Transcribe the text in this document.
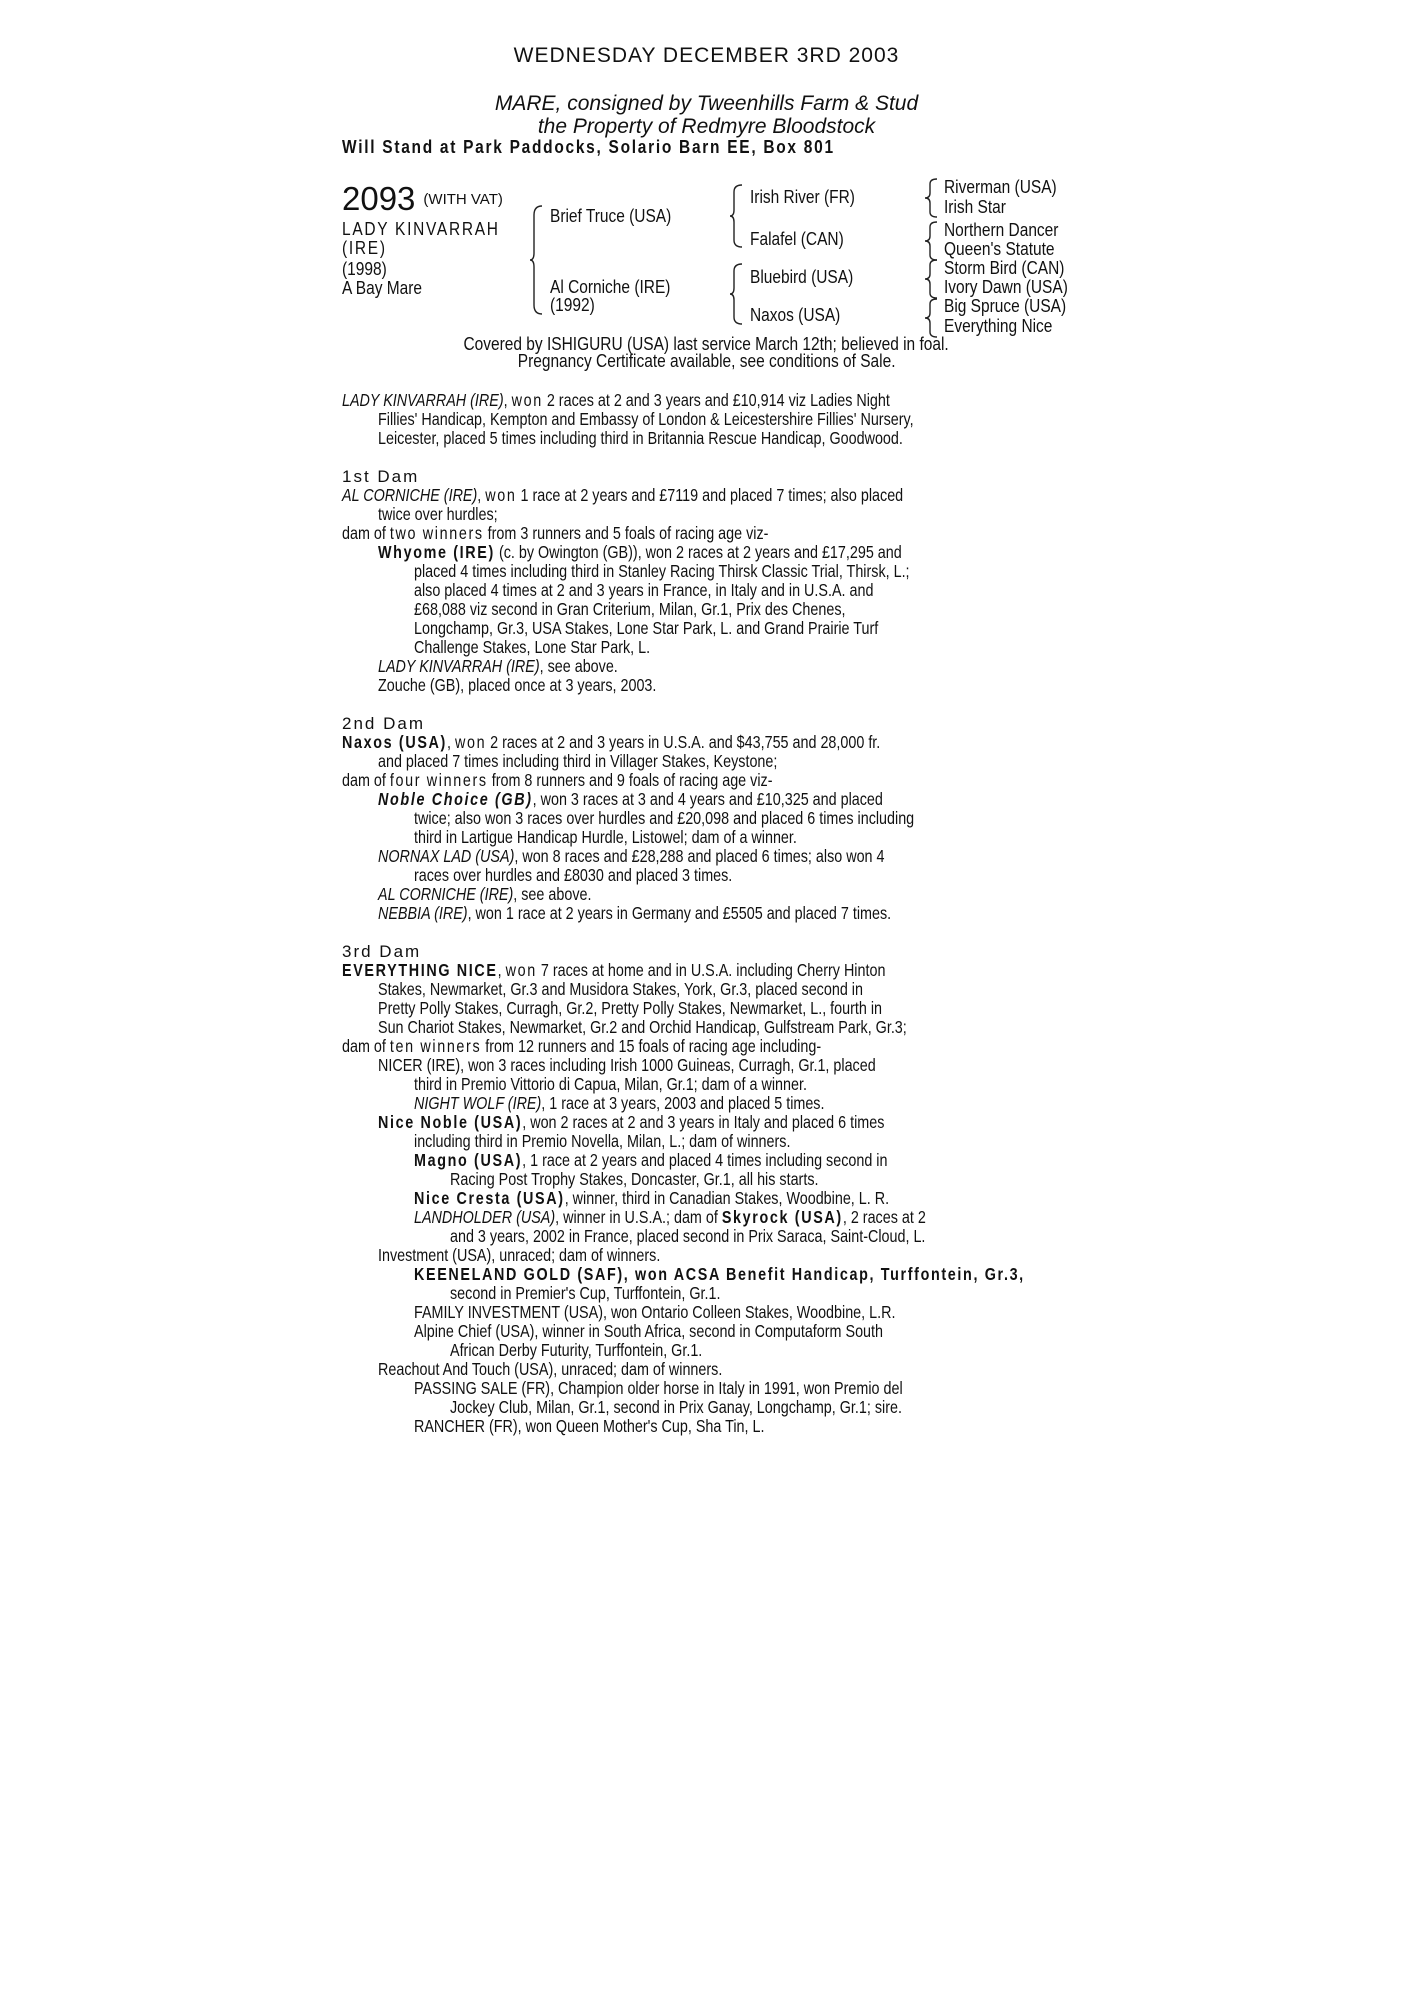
WEDNESDAY DECEMBER 3RD 2003
MARE, consigned by Tweenhills Farm & Stud
the Property of Redmyre Bloodstock
Will Stand at Park Paddocks, Solario Barn EE, Box 801
2093 (WITH VAT)
LADY KINVARRAH
(IRE)
(1998)
A Bay Mare
Brief Truce (USA)
Al Corniche (IRE)
(1992)
Irish River (FR)
Falafel (CAN)
Bluebird (USA)
Naxos (USA)
Riverman (USA)
Irish Star
Northern Dancer
Queen's Statute
Storm Bird (CAN)
Ivory Dawn (USA)
Big Spruce (USA)
Everything Nice
Covered by ISHIGURU (USA) last service March 12th; believed in foal.
Pregnancy Certificate available, see conditions of Sale.
LADY KINVARRAH (IRE), won 2 races at 2 and 3 years and £10,914 viz Ladies Night
Fillies' Handicap, Kempton and Embassy of London & Leicestershire Fillies' Nursery,
Leicester, placed 5 times including third in Britannia Rescue Handicap, Goodwood.
1st Dam
AL CORNICHE (IRE), won 1 race at 2 years and £7119 and placed 7 times; also placed
twice over hurdles;
dam of two winners from 3 runners and 5 foals of racing age viz-
Whyome (IRE) (c. by Owington (GB)), won 2 races at 2 years and £17,295 and
placed 4 times including third in Stanley Racing Thirsk Classic Trial, Thirsk, L.;
also placed 4 times at 2 and 3 years in France, in Italy and in U.S.A. and
£68,088 viz second in Gran Criterium, Milan, Gr.1, Prix des Chenes,
Longchamp, Gr.3, USA Stakes, Lone Star Park, L. and Grand Prairie Turf
Challenge Stakes, Lone Star Park, L.
LADY KINVARRAH (IRE), see above.
Zouche (GB), placed once at 3 years, 2003.
2nd Dam
Naxos (USA), won 2 races at 2 and 3 years in U.S.A. and $43,755 and 28,000 fr.
and placed 7 times including third in Villager Stakes, Keystone;
dam of four winners from 8 runners and 9 foals of racing age viz-
Noble Choice (GB), won 3 races at 3 and 4 years and £10,325 and placed
twice; also won 3 races over hurdles and £20,098 and placed 6 times including
third in Lartigue Handicap Hurdle, Listowel; dam of a winner.
NORNAX LAD (USA), won 8 races and £28,288 and placed 6 times; also won 4
races over hurdles and £8030 and placed 3 times.
AL CORNICHE (IRE), see above.
NEBBIA (IRE), won 1 race at 2 years in Germany and £5505 and placed 7 times.
3rd Dam
EVERYTHING NICE, won 7 races at home and in U.S.A. including Cherry Hinton
Stakes, Newmarket, Gr.3 and Musidora Stakes, York, Gr.3, placed second in
Pretty Polly Stakes, Curragh, Gr.2, Pretty Polly Stakes, Newmarket, L., fourth in
Sun Chariot Stakes, Newmarket, Gr.2 and Orchid Handicap, Gulfstream Park, Gr.3;
dam of ten winners from 12 runners and 15 foals of racing age including-
NICER (IRE), won 3 races including Irish 1000 Guineas, Curragh, Gr.1, placed
third in Premio Vittorio di Capua, Milan, Gr.1; dam of a winner.
NIGHT WOLF (IRE), 1 race at 3 years, 2003 and placed 5 times.
Nice Noble (USA), won 2 races at 2 and 3 years in Italy and placed 6 times
including third in Premio Novella, Milan, L.; dam of winners.
Magno (USA), 1 race at 2 years and placed 4 times including second in
Racing Post Trophy Stakes, Doncaster, Gr.1, all his starts.
Nice Cresta (USA), winner, third in Canadian Stakes, Woodbine, L. R.
LANDHOLDER (USA), winner in U.S.A.; dam of Skyrock (USA), 2 races at 2
and 3 years, 2002 in France, placed second in Prix Saraca, Saint-Cloud, L.
Investment (USA), unraced; dam of winners.
KEENELAND GOLD (SAF), won ACSA Benefit Handicap, Turffontein, Gr.3,
second in Premier's Cup, Turffontein, Gr.1.
FAMILY INVESTMENT (USA), won Ontario Colleen Stakes, Woodbine, L.R.
Alpine Chief (USA), winner in South Africa, second in Computaform South
African Derby Futurity, Turffontein, Gr.1.
Reachout And Touch (USA), unraced; dam of winners.
PASSING SALE (FR), Champion older horse in Italy in 1991, won Premio del
Jockey Club, Milan, Gr.1, second in Prix Ganay, Longchamp, Gr.1; sire.
RANCHER (FR), won Queen Mother's Cup, Sha Tin, L.
